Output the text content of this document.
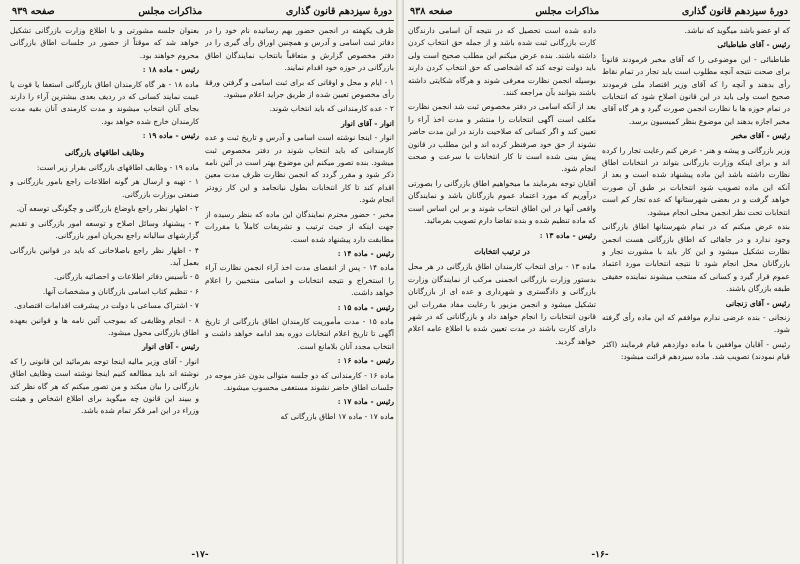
دورهٔ سیزدهم قانون گذاری
مذاکرات مجلس
صفحه ۹۳۹

ظرف یکهفته در انجمن حضور بهم رسانیده نام خود را در دفاتر ثبت اسامی و آدرس و همچنین اوراق رأی گیری را در دفتر مخصوص گزارش و متعاقباً بانتخاب نمایندگان اطاق بازرگانی در حوزه خود اقدام نمایند.

۱ - ایام و محل و اوقاتی که برای ثبت اسامی و گرفتن ورقهٔ رأی مخصوص تعیین شده از طریق جراید اعلام میشود.

۲ - عده کارمندانی که باید انتخاب شوند.

انوار - آقای انوار

انوار - اینجا نوشته است اسامی و آدرس و تاریخ ثبت و عده کارمندانی که باید انتخاب شوند در دفتر مخصوص ثبت میشود. بنده تصور میکنم این موضوع بهتر است در آئین نامه ذکر شود و مقرر گردد که انجمن نظارت ظرف مدت معین اقدام کند تا کار انتخابات بطول نیانجامد و این کار زودتر انجام شود.

مخبر - حضور محترم نمایندگان این ماده که بنظر رسیده از جهت اینکه از حیث ترتیب و تشریفات کاملاً با مقررات مطابقت دارد پیشنهاد شده است.

رئیس - ماده ۱۴ :

ماده ۱۴ - پس از انقضای مدت اخذ آراء انجمن نظارت آراء را استخراج و نتیجه انتخابات و اسامی منتخبین را اعلام خواهد داشت.

رئیس - ماده ۱۵ :

ماده ۱۵ - مدت مأموریت کارمندان اطاق بازرگانی از تاریخ آگهی تا تاریخ اعلام انتخابات دوره بعد ادامه خواهد داشت و انتخاب مجدد آنان بلامانع است.

رئیس - ماده ۱۶ :

ماده ۱۶ - کارمندانی که دو جلسه متوالی بدون عذر موجه در جلسات اطاق حاضر نشوند مستعفی محسوب میشوند.

رئیس - ماده ۱۷ :

ماده ۱۷ - ماده ۱۷ اطاق بازرگانی که

بعنوان جلسه مشورتی و با اطلاع وزارت بازرگانی تشکیل خواهد شد که موقتاً از حضور در جلسات اطاق بازرگانی محروم خواهند بود.

رئیس - ماده ۱۸ :

ماده ۱۸ - هر گاه کارمندان اطاق بازرگانی استعفا یا فوت یا غیبت نمایند کسانی که در ردیف بعدی بیشترین آراء را دارند بجای آنان انتخاب میشوند و مدت کارمندی آنان بقیه مدت کارمندان خارج شده خواهد بود.

رئیس - ماده ۱۹ :

وظایف اطاقهای بازرگانی

ماده ۱۹ - وظایف اطاقهای بازرگانی بقرار زیر است:

۱ - تهیه و ارسال هر گونه اطلاعات راجع بامور بازرگانی و صنعتی بوزارت بازرگانی.

۲ - اظهار نظر راجع باوضاع بازرگانی و چگونگی توسعه آن.

۳ - پیشنهاد وسائل اصلاح و توسعه امور بازرگانی و تقدیم گزارشهای سالیانه راجع بجریان امور بازرگانی.

۴ - اظهار نظر راجع باصلاحاتی که باید در قوانین بازرگانی بعمل آید.

۵ - تأسیس دفاتر اطلاعات و احصائیه بازرگانی.

۶ - تنظیم کتاب اسامی بازرگانان و مشخصات آنها.

۷ - اشتراک مساعی با دولت در پیشرفت اقدامات اقتصادی.

۸ - انجام وظایفی که بموجب آئین نامه ها و قوانین بعهده اطاق بازرگانی محول میشود.

رئیس - آقای انوار

انوار - آقای وزیر مالیه اینجا توجه بفرمائید این قانونی را که نوشته اند باید مطالعه کنیم اینجا نوشته است وظایف اطاق بازرگانی را بیان میکند و من تصور میکنم که هر گاه نظر کند و ببیند این قانون چه میگوید برای اطلاع اشخاص و هیئت وزراء در این امر فکر تمام شده باشد.

-۱۷-
دورهٔ سیزدهم قانون گذاری
مذاکرات مجلس
صفحه ۹۳۸

که او عضو باشد میگوید که نباشد.

رئیس - آقای طباطبائی

طباطبائی - این موضوعی را که آقای مخبر فرمودند قانوناً برای صحت نتیجه آنچه مطلوب است باید تجار در تمام نقاط رأی بدهند و آنچه را که آقای وزیر اقتصاد ملی فرمودند صحیح است ولی باید در این قانون اصلاح شود که انتخابات در تمام حوزه ها با نظارت انجمن صورت گیرد و هر گاه آقای مخبر اجازه بدهند این موضوع بنظر کمیسیون برسد.

رئیس - آقای مخبر

وزیر بازرگانی و پیشه و هنر - عرض کنم رعایت تجار را کرده اند و برای اینکه وزارت بازرگانی بتواند در انتخابات اطاق نظارت داشته باشد این ماده پیشنهاد شده است و بعد از آنکه این ماده تصویب شود انتخابات بر طبق آن صورت خواهد گرفت و در بعضی شهرستانها که عده تجار کم است انتخابات تحت نظر انجمن محلی انجام میشود.

بنده عرض میکنم که در تمام شهرستانها اطاق بازرگانی وجود ندارد و در جاهائی که اطاق بازرگانی هست انجمن نظارت تشکیل میشود و این کار باید با مشورت تجار و بازرگانان محل انجام شود تا نتیجه انتخابات مورد اعتماد عموم قرار گیرد و کسانی که منتخب میشوند نماینده حقیقی طبقه بازرگان باشند.

رئیس - آقای زنجانی

زنجانی - بنده عرضی ندارم موافقم که این ماده رأی گرفته شود.

رئیس - آقایان موافقین با ماده دوازدهم قیام فرمایند (اکثر قیام نمودند) تصویب شد. ماده سیزدهم قرائت میشود:

داده شده است تحصیل که در نتیجه آن اسامی دارندگان کارت بازرگانی ثبت شده باشد و از جمله حق انتخاب کردن داشته باشند. بنده عرض میکنم این مطلب صحیح است ولی باید دولت توجه کند که اشخاصی که حق انتخاب کردن دارند بوسیله انجمن نظارت معرفی شوند و هرگاه شکایتی داشته باشند بتوانند بآن مراجعه کنند.

بعد از آنکه اسامی در دفتر مخصوص ثبت شد انجمن نظارت مکلف است آگهی انتخابات را منتشر و مدت اخذ آراء را تعیین کند و اگر کسانی که صلاحیت دارند در این مدت حاضر نشوند از حق خود صرفنظر کرده اند و این مطلب در قانون پیش بینی شده است تا کار انتخابات با سرعت و صحت انجام شود.

آقایان توجه بفرمایند ما میخواهیم اطاق بازرگانی را بصورتی درآوریم که مورد اعتماد عموم بازرگانان باشد و نمایندگان واقعی آنها در این اطاق انتخاب شوند و بر این اساس است که ماده تنظیم شده و بنده تقاضا دارم تصویب بفرمائید.

رئیس - ماده ۱۳ :

در ترتیب انتخابات

ماده ۱۳ - برای انتخاب کارمندان اطاق بازرگانی در هر محل بدستور وزارت بازرگانی انجمنی مرکب از نمایندگان وزارت بازرگانی و دادگستری و شهرداری و عده ای از بازرگانان تشکیل میشود و انجمن مزبور با رعایت مفاد مقررات این قانون انتخابات را انجام خواهد داد و بازرگانانی که در شهر دارای کارت باشند در مدت تعیین شده با اطلاع عامه اعلام خواهد گردید.

-۱۶-
